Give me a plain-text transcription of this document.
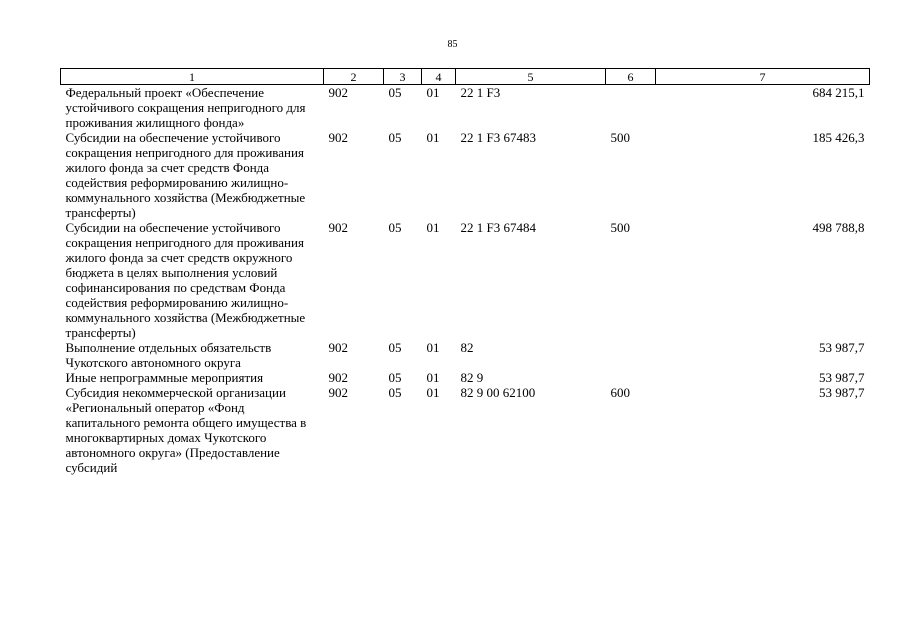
85
1	2	3	4	5	6	7
Федеральный проект «Обеспечение устойчивого сокращения непригодного для проживания жилищного фонда»	902	05	01	22 1 F3		684 215,1
Субсидии на обеспечение устойчивого сокращения непригодного для проживания жилого фонда за счет средств Фонда содействия реформированию жилищно-коммунального хозяйства (Межбюджетные трансферты)	902	05	01	22 1 F3 67483	500	185 426,3
Субсидии на обеспечение устойчивого сокращения непригодного для проживания жилого фонда за счет средств окружного бюджета в целях выполнения условий софинансирования по средствам Фонда содействия реформированию жилищно-коммунального хозяйства (Межбюджетные трансферты)	902	05	01	22 1 F3 67484	500	498 788,8
Выполнение отдельных обязательств Чукотского автономного округа	902	05	01	82		53 987,7
Иные непрограммные мероприятия	902	05	01	82 9		53 987,7
Субсидия некоммерческой организации «Региональный оператор «Фонд капитального ремонта общего имущества в многоквартирных домах Чукотского автономного округа» (Предоставление субсидий	902	05	01	82 9 00 62100	600	53 987,7
